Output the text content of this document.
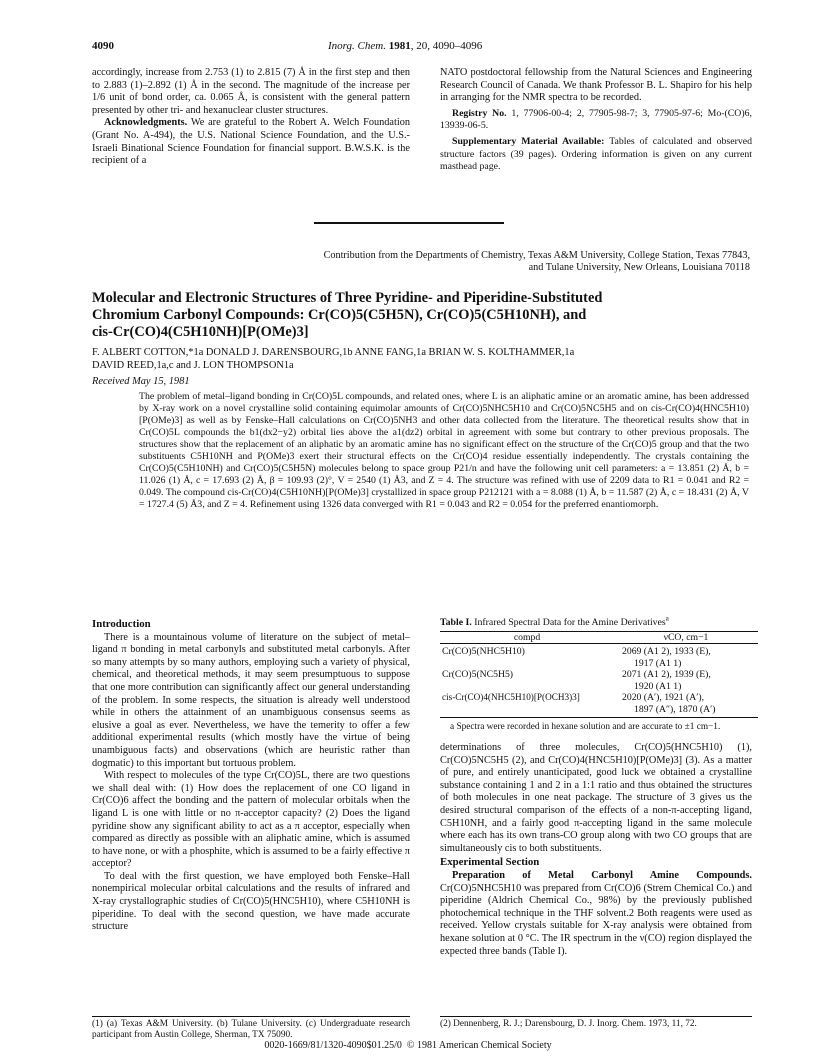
4090	Inorg. Chem. 1981, 20, 4090–4096

accordingly, increase from 2.753 (1) to 2.815 (7) Å in the first step and then to 2.883 (1)–2.892 (1) Å in the second. The magnitude of the increase per 1/6 unit of bond order, ca. 0.065 Å, is consistent with the general pattern presented by other tri- and hexanuclear cluster structures.

Acknowledgments. We are grateful to the Robert A. Welch Foundation (Grant No. A-494), the U.S. National Science Foundation, and the U.S.-Israeli Binational Science Foundation for financial support. B.W.S.K. is the recipient of a

NATO postdoctoral fellowship from the Natural Sciences and Engineering Research Council of Canada. We thank Professor B. L. Shapiro for his help in arranging for the NMR spectra to be recorded.

Registry No. 1, 77906-00-4; 2, 77905-98-7; 3, 77905-97-6; Mo-(CO)6, 13939-06-5.

Supplementary Material Available: Tables of calculated and observed structure factors (39 pages). Ordering information is given on any current masthead page.

Contribution from the Departments of Chemistry, Texas A&M University, College Station, Texas 77843,
and Tulane University, New Orleans, Louisiana 70118
Molecular and Electronic Structures of Three Pyridine- and Piperidine-Substituted
Chromium Carbonyl Compounds: Cr(CO)5(C5H5N), Cr(CO)5(C5H10NH), and
cis-Cr(CO)4(C5H10NH)[P(OMe)3]
F. ALBERT COTTON,*1a DONALD J. DARENSBOURG,1b ANNE FANG,1a BRIAN W. S. KOLTHAMMER,1a
DAVID REED,1a,c and J. LON THOMPSON1a
Received May 15, 1981

The problem of metal–ligand bonding in Cr(CO)5L compounds, and related ones, where L is an aliphatic amine or an aromatic amine, has been addressed by X-ray work on a novel crystalline solid containing equimolar amounts of Cr(CO)5NHC5H10 and Cr(CO)5NC5H5 and on cis-Cr(CO)4(HNC5H10)[P(OMe)3] as well as by Fenske–Hall calculations on Cr(CO)5NH3 and other data collected from the literature. The theoretical results show that in Cr(CO)5L compounds the b1(dx2−y2) orbital lies above the a1(dz2) orbital in agreement with some but contrary to other previous proposals. The structures show that the replacement of an aliphatic by an aromatic amine has no significant effect on the structure of the Cr(CO)5 group and that the two substituents C5H10NH and P(OMe)3 exert their structural effects on the Cr(CO)4 residue essentially independently. The crystals containing the Cr(CO)5(C5H10NH) and Cr(CO)5(C5H5N) molecules belong to space group P21/n and have the following unit cell parameters: a = 13.851 (2) Å, b = 11.026 (1) Å, c = 17.693 (2) Å, β = 109.93 (2)°, V = 2540 (1) Å3, and Z = 4. The structure was refined with use of 2209 data to R1 = 0.041 and R2 = 0.049. The compound cis-Cr(CO)4(C5H10NH)[P(OMe)3] crystallized in space group P212121 with a = 8.088 (1) Å, b = 11.587 (2) Å, c = 18.431 (2) Å, V = 1727.4 (5) Å3, and Z = 4. Refinement using 1326 data converged with R1 = 0.043 and R2 = 0.054 for the preferred enantiomorph.

Introduction

There is a mountainous volume of literature on the subject of metal–ligand π bonding in metal carbonyls and substituted metal carbonyls. After so many attempts by so many authors, employing such a variety of physical, chemical, and theoretical methods, it may seem presumptuous to suppose that one more contribution can significantly affect our general understanding of the problem. In some respects, the situation is already well understood while in others the attainment of an unambiguous consensus seems as elusive a goal as ever. Nevertheless, we have the temerity to offer a few additional experimental results (which mostly have the virtue of being unambiguous facts) and observations (which are heuristic rather than dogmatic) to this important but tortuous problem.

With respect to molecules of the type Cr(CO)5L, there are two questions we shall deal with: (1) How does the replacement of one CO ligand in Cr(CO)6 affect the bonding and the pattern of molecular orbitals when the ligand L is one with little or no π-acceptor capacity? (2) Does the ligand pyridine show any significant ability to act as a π acceptor, especially when compared as directly as possible with an aliphatic amine, which is assumed to have none, or with a phosphite, which is assumed to be a fairly effective π acceptor?

To deal with the first question, we have employed both Fenske–Hall nonempirical molecular orbital calculations and the results of infrared and X-ray crystallographic studies of Cr(CO)5(HNC5H10), where C5H10NH is piperidine. To deal with the second question, we have made accurate structure

(1) (a) Texas A&M University. (b) Tulane University. (c) Undergraduate research participant from Austin College, Sherman, TX 75090.
Table I. Infrared Spectral Data for the Amine Derivatives$^a$
compd	νCO, cm−1
Cr(CO)5(NHC5H10)	2069 (A1 2), 1933 (E),
1917 (A1 1)
Cr(CO)5(NC5H5)	2071 (A1 2), 1939 (E),
1920 (A1 1)
cis-Cr(CO)4(NHC5H10)[P(OCH3)3]	2020 (A′), 1921 (A′),
1897 (A″), 1870 (A′)
a Spectra were recorded in hexane solution and are accurate to ±1 cm−1.

determinations of three molecules, Cr(CO)5(HNC5H10) (1), Cr(CO)5NC5H5 (2), and Cr(CO)4(HNC5H10)[P(OMe)3] (3). As a matter of pure, and entirely unanticipated, good luck we obtained a crystalline substance containing 1 and 2 in a 1:1 ratio and thus obtained the structures of both molecules in one neat package. The structure of 3 gives us the desired structural comparison of the effects of a non-π-accepting ligand, C5H10NH, and a fairly good π-accepting ligand in the same molecule where each has its own trans-CO group along with two CO groups that are simultaneously cis to both substituents.

Experimental Section

Preparation of Metal Carbonyl Amine Compounds. Cr(CO)5NHC5H10 was prepared from Cr(CO)6 (Strem Chemical Co.) and piperidine (Aldrich Chemical Co., 98%) by the previously published photochemical technique in the THF solvent.2 Both reagents were used as received. Yellow crystals suitable for X-ray analysis were obtained from hexane solution at 0 °C. The IR spectrum in the ν(CO) region displayed the expected three bands (Table I).

(2) Dennenberg, R. J.; Darensbourg, D. J. Inorg. Chem. 1973, 11, 72.
0020-1669/81/1320-4090$01.25/0  © 1981 American Chemical Society
